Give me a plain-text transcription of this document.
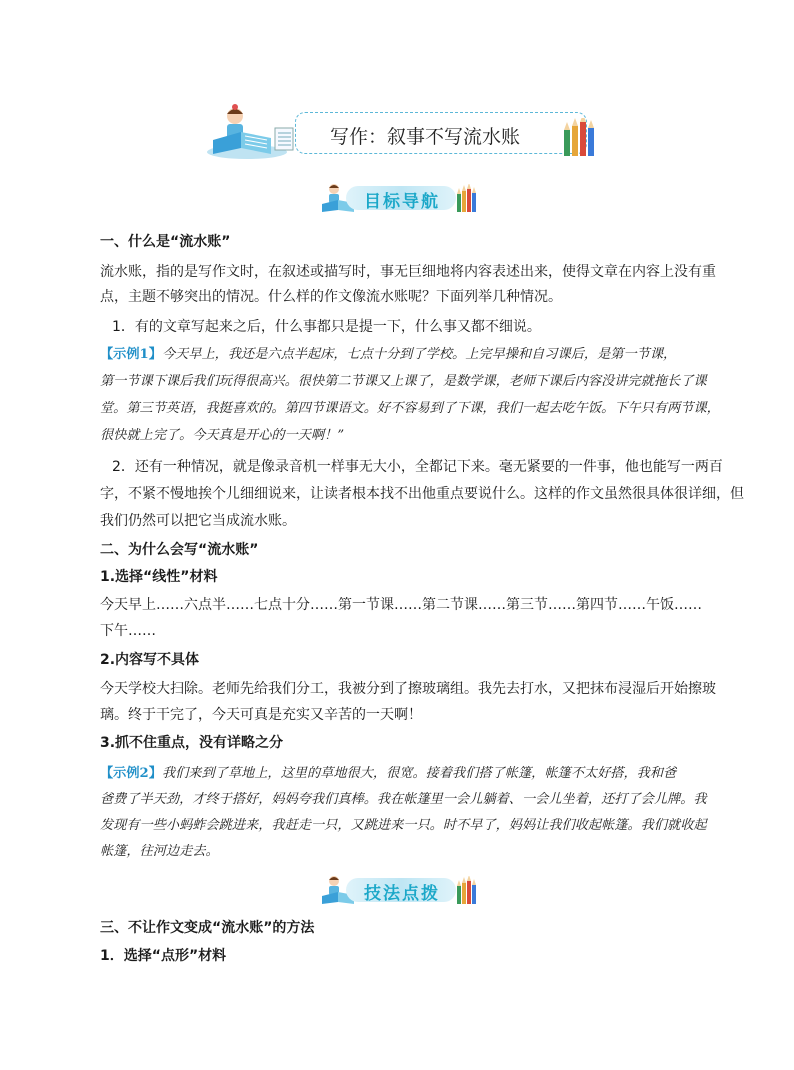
写作：叙事不写流水账
目标导航
一、什么是“流水账”
流水账，指的是写作文时，在叙述或描写时，事无巨细地将内容表述出来，使得文章在内容上没有重
点，主题不够突出的情况。什么样的作文像流水账呢？下面列举几种情况。
1．有的文章写起来之后，什么事都只是提一下，什么事又都不细说。
【示例1】今天早上，我还是六点半起床，七点十分到了学校。上完早操和自习课后，是第一节课，
第一节课下课后我们玩得很高兴。很快第二节课又上课了，是数学课，老师下课后内容没讲完就拖长了课
堂。第三节英语，我挺喜欢的。第四节课语文。好不容易到了下课，我们一起去吃午饭。下午只有两节课，
很快就上完了。今天真是开心的一天啊！”
2．还有一种情况，就是像录音机一样事无大小，全都记下来。毫无紧要的一件事，他也能写一两百
字，不紧不慢地挨个儿细细说来，让读者根本找不出他重点要说什么。这样的作文虽然很具体很详细，但
我们仍然可以把它当成流水账。
二、为什么会写“流水账”
1.选择“线性”材料
今天早上……六点半……七点十分……第一节课……第二节课……第三节……第四节……午饭……
下午……
2.内容写不具体
今天学校大扫除。老师先给我们分工，我被分到了擦玻璃组。我先去打水，又把抹布浸湿后开始擦玻
璃。终于干完了，今天可真是充实又辛苦的一天啊！
3.抓不住重点，没有详略之分
【示例2】我们来到了草地上，这里的草地很大，很宽。接着我们搭了帐篷，帐篷不太好搭，我和爸
爸费了半天劲，才终于搭好，妈妈夸我们真棒。我在帐篷里一会儿躺着、一会儿坐着，还打了会儿牌。我
发现有一些小蚂蚱会跳进来，我赶走一只，又跳进来一只。时不早了，妈妈让我们收起帐篷。我们就收起
帐篷，往河边走去。
技法点拨
三、不让作文变成“流水账”的方法
1．选择“点形”材料
